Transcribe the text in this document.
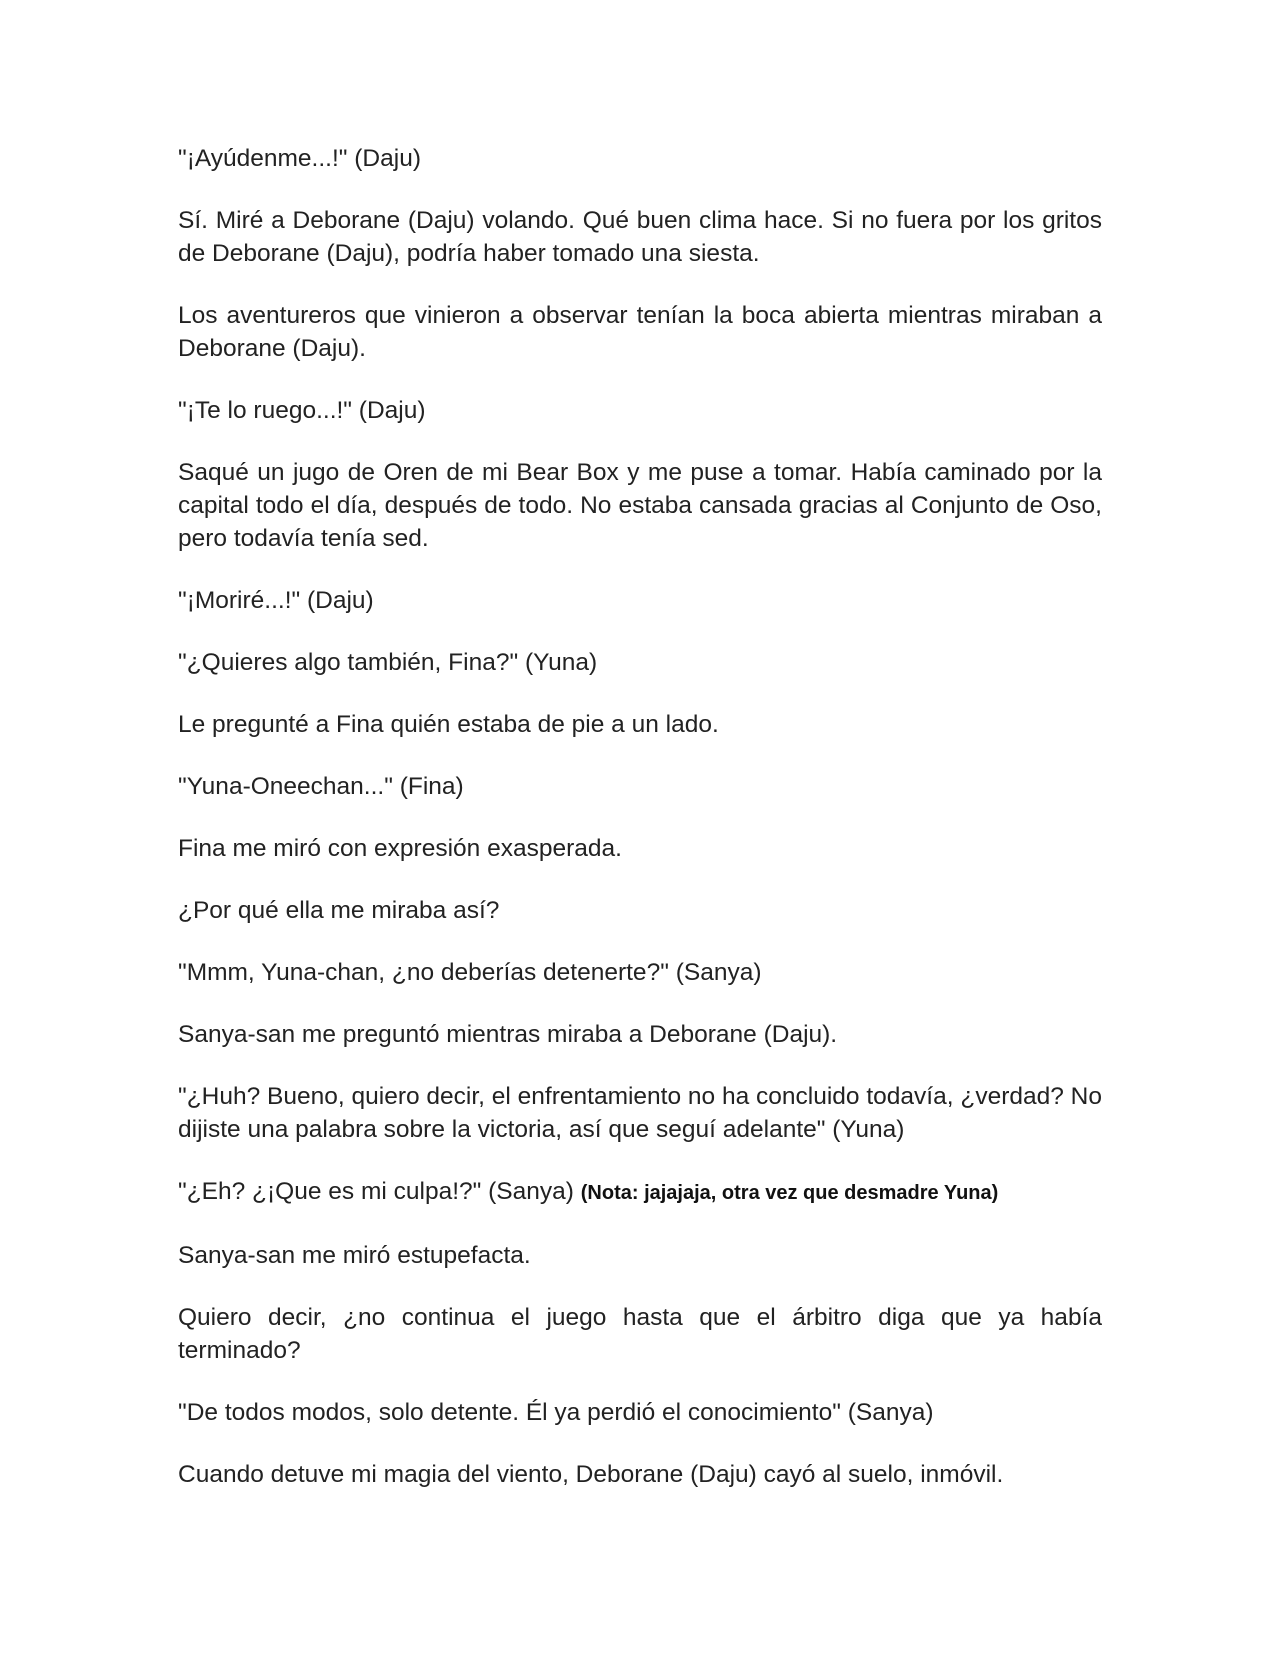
"¡Ayúdenme...!" (Daju)

Sí. Miré a Deborane (Daju) volando. Qué buen clima hace. Si no fuera por los gritos de Deborane (Daju), podría haber tomado una siesta.

Los aventureros que vinieron a observar tenían la boca abierta mientras miraban a Deborane (Daju).

"¡Te lo ruego...!" (Daju)

Saqué un jugo de Oren de mi Bear Box y me puse a tomar. Había caminado por la capital todo el día, después de todo. No estaba cansada gracias al Conjunto de Oso, pero todavía tenía sed.

"¡Moriré...!" (Daju)

"¿Quieres algo también, Fina?" (Yuna)

Le pregunté a Fina quién estaba de pie a un lado.

"Yuna-Oneechan..." (Fina)

Fina me miró con expresión exasperada.

¿Por qué ella me miraba así?

"Mmm, Yuna-chan, ¿no deberías detenerte?" (Sanya)

Sanya-san me preguntó mientras miraba a Deborane (Daju).

"¿Huh? Bueno, quiero decir, el enfrentamiento no ha concluido todavía, ¿verdad? No dijiste una palabra sobre la victoria, así que seguí adelante" (Yuna)

"¿Eh? ¿¡Que es mi culpa!?" (Sanya) (Nota: jajajaja, otra vez que desmadre Yuna)

Sanya-san me miró estupefacta.

Quiero decir, ¿no continua el juego hasta que el árbitro diga que ya había terminado?

"De todos modos, solo detente. Él ya perdió el conocimiento" (Sanya)

Cuando detuve mi magia del viento, Deborane (Daju) cayó al suelo, inmóvil.
